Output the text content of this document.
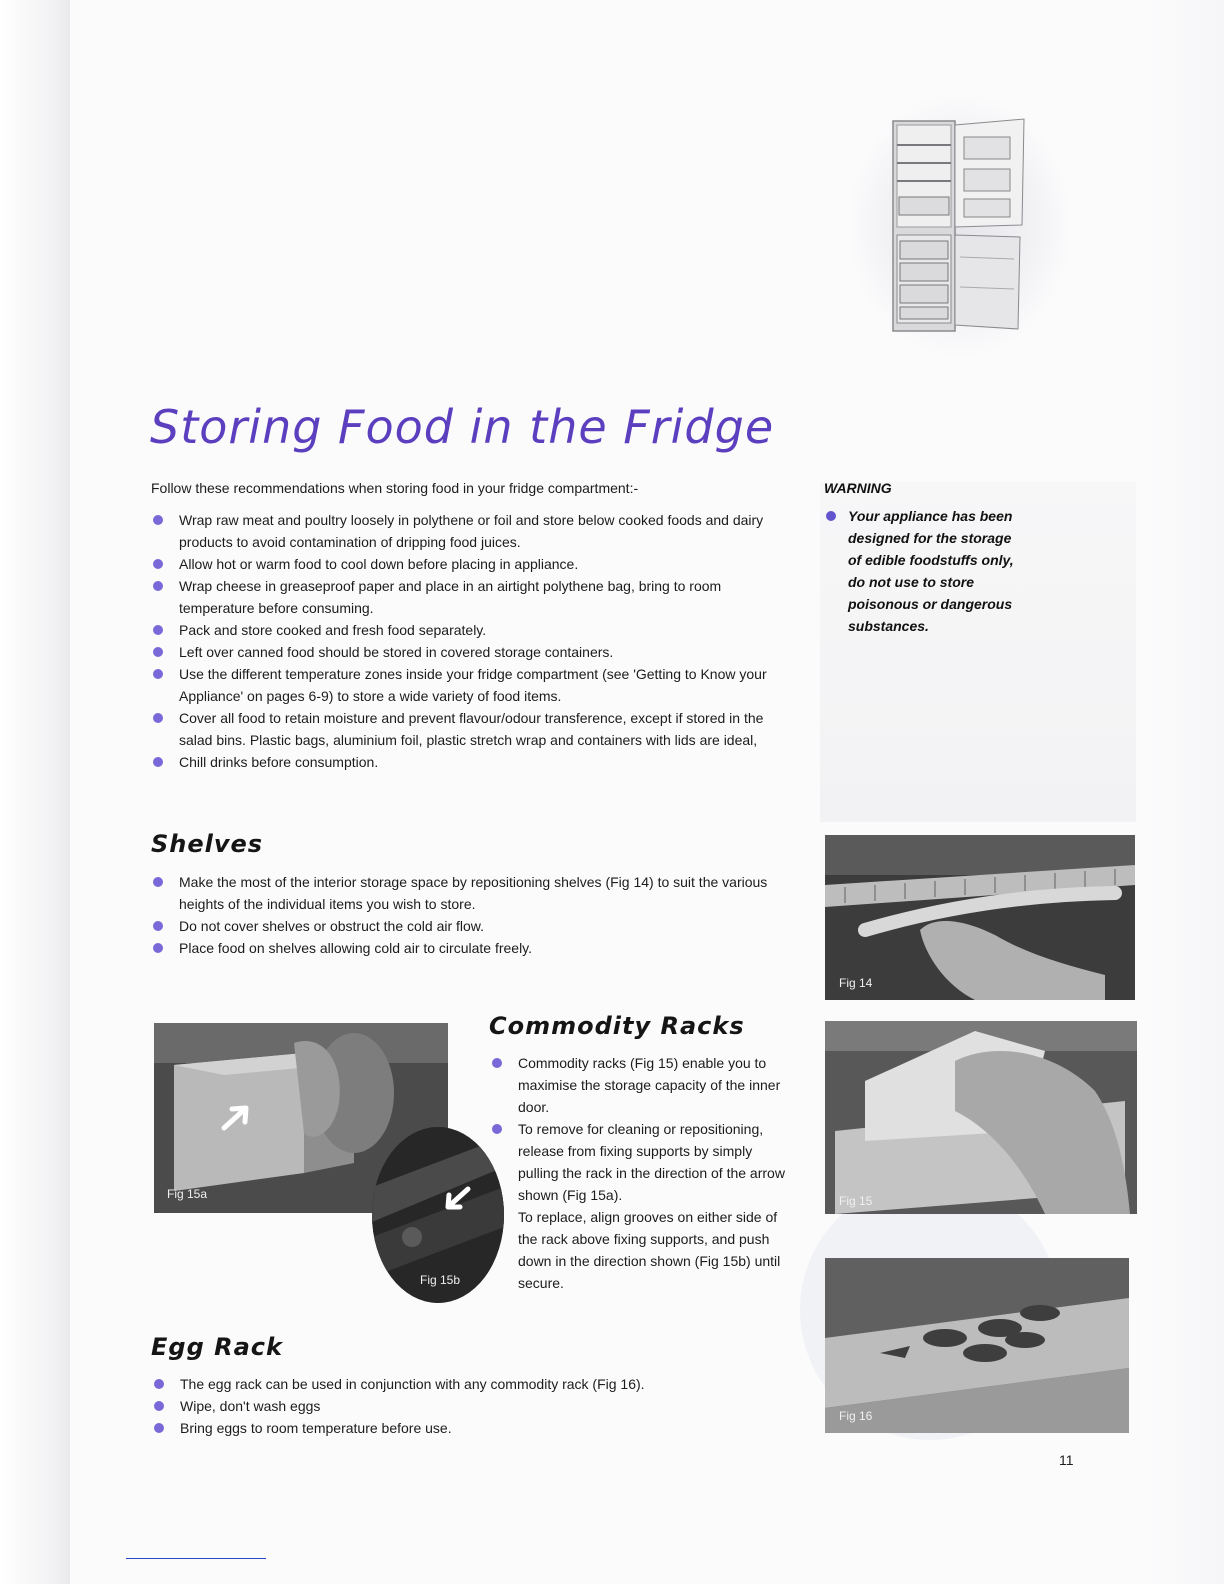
Storing Food in the Fridge

Follow these recommendations when storing food in your fridge compartment:-

Wrap raw meat and poultry loosely in polythene or foil and store below cooked foods and dairy products to avoid contamination of dripping food juices.
Allow hot or warm food to cool down before placing in appliance.
Wrap cheese in greaseproof paper and place in an airtight polythene bag, bring to room temperature before consuming.
Pack and store cooked and fresh food separately.
Left over canned food should be stored in covered storage containers.
Use the different temperature zones inside your fridge compartment (see 'Getting to Know your Appliance' on pages 6-9) to store a wide variety of food items.
Cover all food to retain moisture and prevent flavour/odour transference, except if stored in the salad bins. Plastic bags, aluminium foil, plastic stretch wrap and containers with lids are ideal,
Chill drinks before consumption.
Shelves
Make the most of the interior storage space by repositioning shelves (Fig 14) to suit the various heights of the individual items you wish to store.
Do not cover shelves or obstruct the cold air flow.
Place food on shelves allowing cold air to circulate freely.
Fig 15a
Fig 15b
Commodity Racks
Commodity racks (Fig 15) enable you to maximise the storage capacity of the inner door.
To remove for cleaning or repositioning, release from fixing supports by simply pulling the rack in the direction of the arrow shown (Fig 15a).
To replace, align grooves on either side of the rack above fixing supports, and push down in the direction shown (Fig 15b) until secure.
Egg Rack
The egg rack can be used in conjunction with any commodity rack (Fig 16).
Wipe, don't wash eggs
Bring eggs to room temperature before use.

WARNING

Your appliance has been designed for the storage of edible foodstuffs only, do not use to store poisonous or dangerous substances.

Fig 14
Fig 15
Fig 16

11
